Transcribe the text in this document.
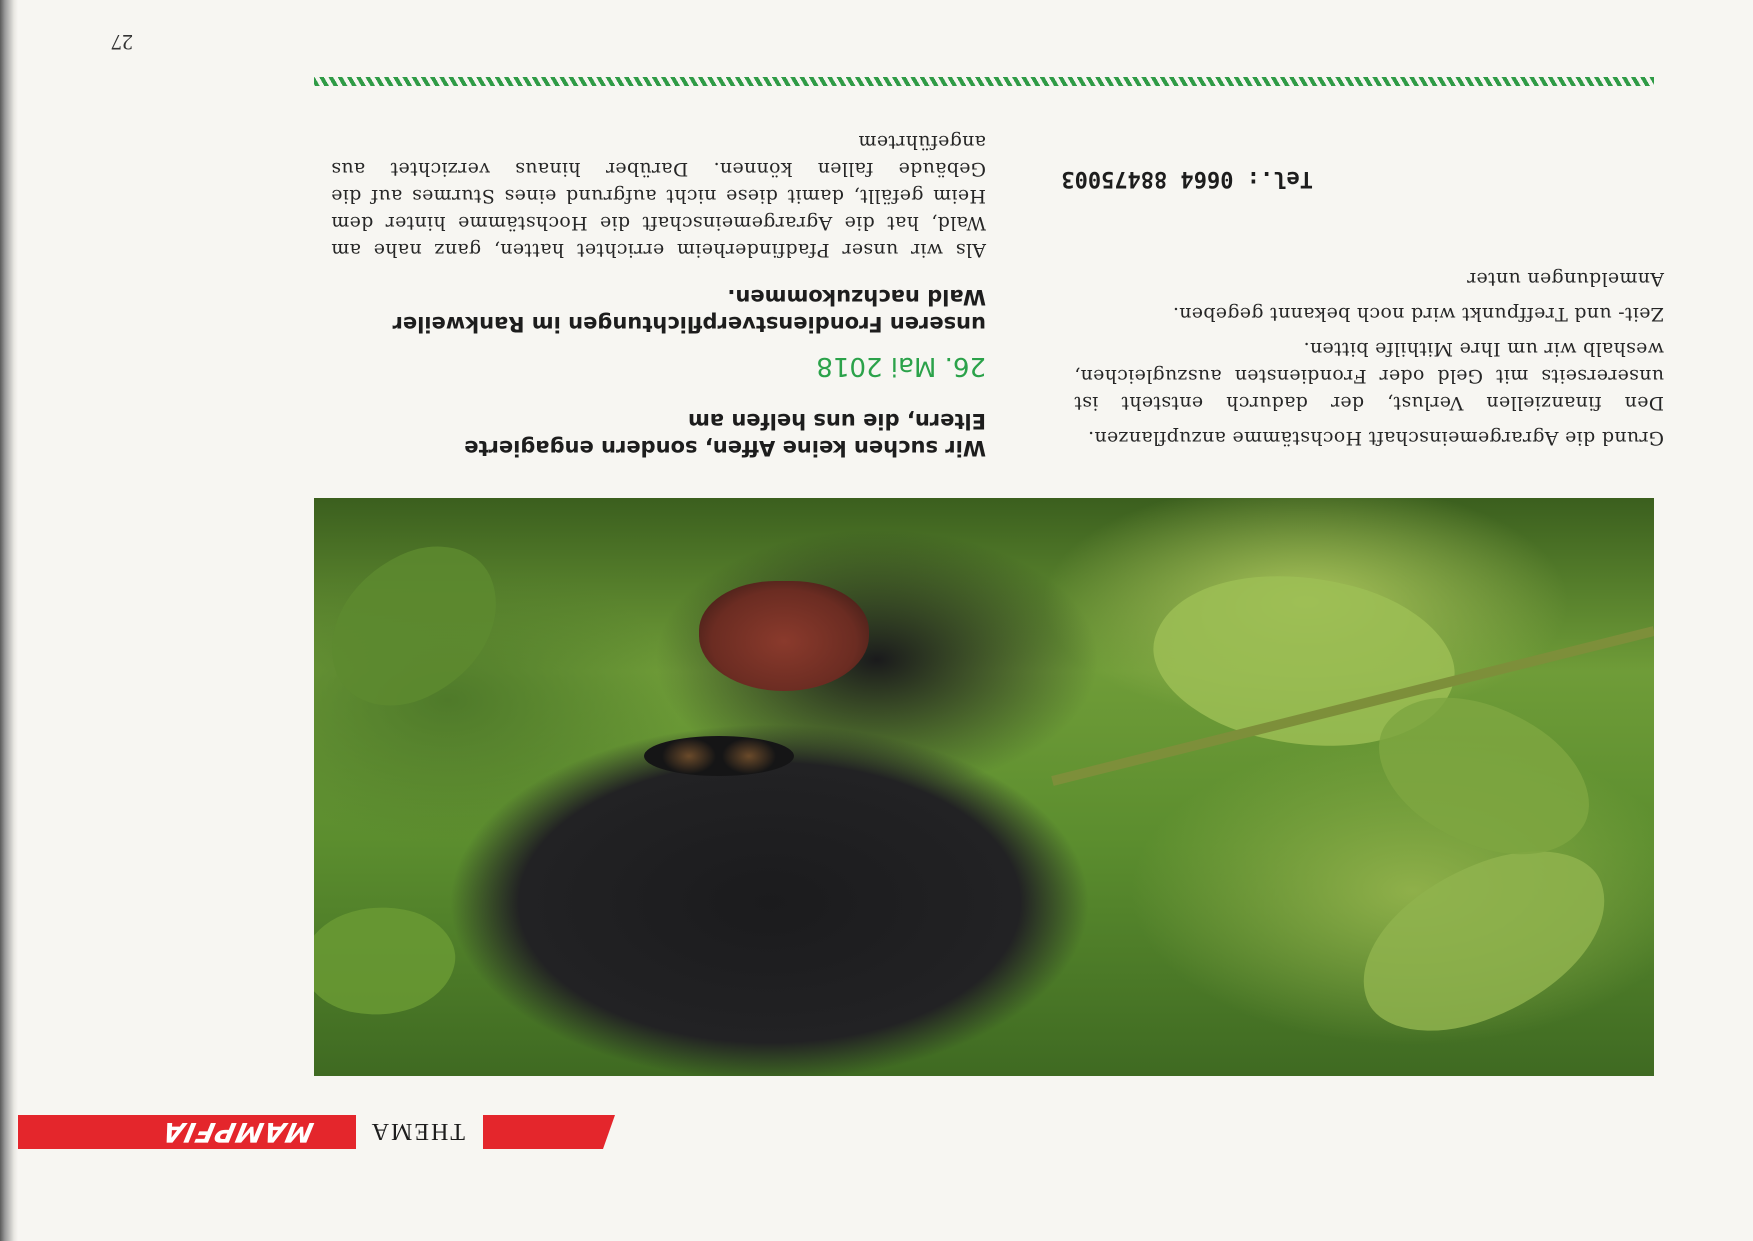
THEMA
MAMPFIA

Grund die Agrargemeinschaft Hochstämme anzupflanzen.

Den finanziellen Verlust, der dadurch entsteht ist unsererseits mit Geld oder Frondiensten auszugleichen, weshalb wir um Ihre Mithilfe bitten.

Zeit- und Treffpunkt wird noch bekannt gegeben.

Anmeldungen unter

Tel.: 0664 88475003

Wir suchen keine Affen, sondern engagierte Eltern, die uns helfen am

26. Mai 2018

unseren Frondienstverpflichtungen im Rankweiler Wald nachzukommen.

Als wir unser Pfadfinderheim errichtet hatten, ganz nahe am Wald, hat die Agrargemeinschaft die Hochstämme hinter dem Heim gefällt, damit diese nicht aufgrund eines Sturmes auf die Gebäude fallen können. Darüber hinaus verzichtet aus angeführtem

27
